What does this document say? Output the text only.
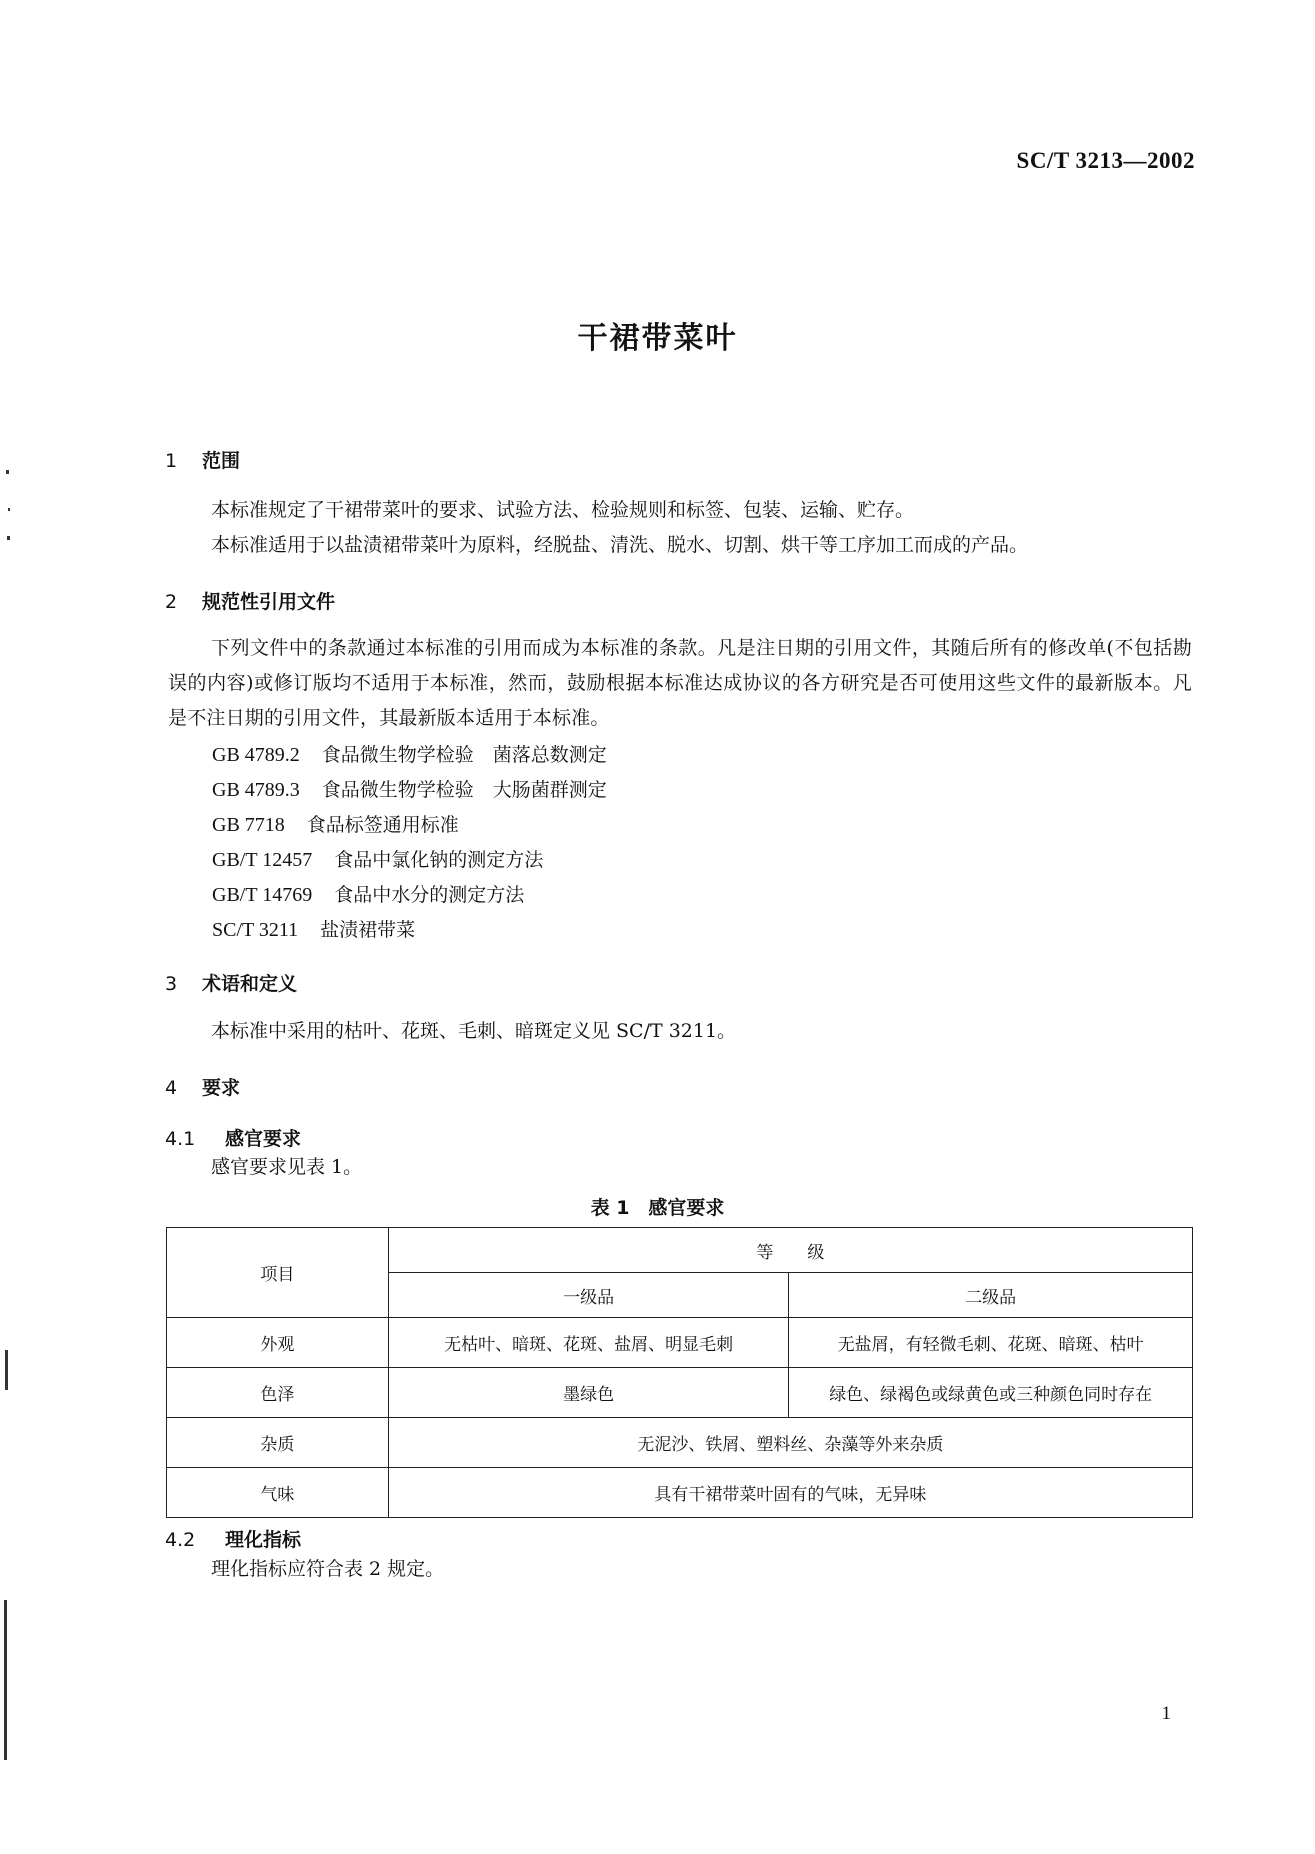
SC/T 3213—2002
干裙带菜叶
1 范围
本标准规定了干裙带菜叶的要求、试验方法、检验规则和标签、包装、运输、贮存。
本标准适用于以盐渍裙带菜叶为原料，经脱盐、清洗、脱水、切割、烘干等工序加工而成的产品。
2 规范性引用文件
下列文件中的条款通过本标准的引用而成为本标准的条款。凡是注日期的引用文件，其随后所有的修改单(不包括勘误的内容)或修订版均不适用于本标准，然而，鼓励根据本标准达成协议的各方研究是否可使用这些文件的最新版本。凡是不注日期的引用文件，其最新版本适用于本标准。
GB 4789.2 食品微生物学检验　菌落总数测定
GB 4789.3 食品微生物学检验　大肠菌群测定
GB 7718 食品标签通用标准
GB/T 12457 食品中氯化钠的测定方法
GB/T 14769 食品中水分的测定方法
SC/T 3211 盐渍裙带菜
3 术语和定义
本标准中采用的枯叶、花斑、毛刺、暗斑定义见 SC/T 3211。
4 要求
4.1 感官要求
感官要求见表 1。
表 1　感官要求
项目	等　　级	
	一级品	二级品
外观	无枯叶、暗斑、花斑、盐屑、明显毛刺	无盐屑，有轻微毛刺、花斑、暗斑、枯叶
色泽	墨绿色	绿色、绿褐色或绿黄色或三种颜色同时存在
杂质	无泥沙、铁屑、塑料丝、杂藻等外来杂质	
气味	具有干裙带菜叶固有的气味，无异味	
4.2 理化指标
理化指标应符合表 2 规定。
1
